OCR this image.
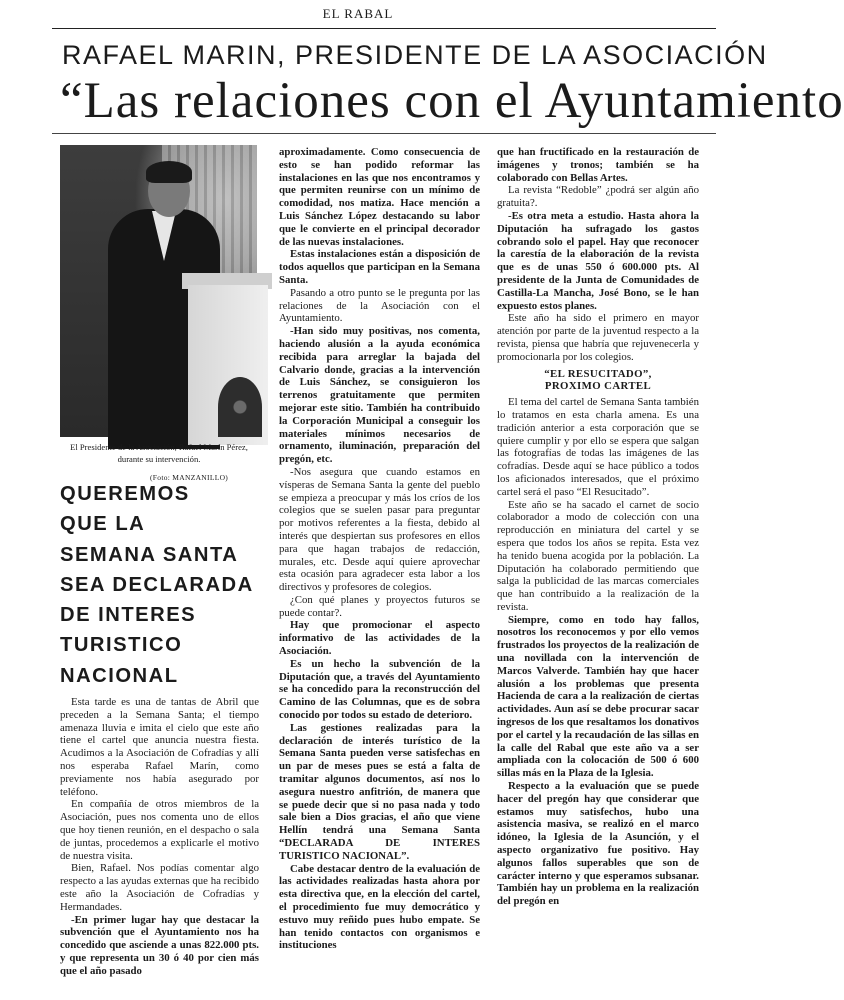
EL RABAL
RAFAEL MARIN, PRESIDENTE DE LA ASOCIACIÓN
“Las relaciones con el Ayuntamiento
El Presidente de la Asociación, Rafael Marín Pérez, durante su intervención.
(Foto: MANZANILLO)
QUEREMOS
QUE LA
SEMANA SANTA
SEA DECLARADA
DE INTERES
TURISTICO
NACIONAL

Esta tarde es una de tantas de Abril que preceden a la Semana Santa; el tiempo amenaza lluvia e imita el cielo que este año tiene el cartel que anuncia nuestra fiesta. Acudimos a la Asociación de Cofradías y allí nos esperaba Rafael Marín, como previamente nos había asegurado por teléfono.

En compañía de otros miembros de la Asociación, pues nos comenta uno de ellos que hoy tienen reunión, en el despacho o sala de juntas, procedemos a explicarle el motivo de nuestra visita.

Bien, Rafael. Nos podías comentar algo respecto a las ayudas externas que ha recibido este año la Asociación de Cofradías y Hermandades.

-En primer lugar hay que destacar la subvención que el Ayuntamiento nos ha concedido que asciende a unas 822.000 pts. y que representa un 30 ó 40 por cien más que el año pasado

aproximadamente. Como consecuencia de esto se han podido reformar las instalaciones en las que nos encontramos y que permiten reunirse con un mínimo de comodidad, nos matiza. Hace mención a Luis Sánchez López destacando su labor que le convierte en el principal decorador de las nuevas instalaciones.

Estas instalaciones están a disposición de todos aquellos que participan en la Semana Santa.

Pasando a otro punto se le pregunta por las relaciones de la Asociación con el Ayuntamiento.

-Han sido muy positivas, nos comenta, haciendo alusión a la ayuda económica recibida para arreglar la bajada del Calvario donde, gracias a la intervención de Luis Sánchez, se consiguieron los terrenos gratuitamente que permiten mejorar este sitio. También ha contribuido la Corporación Municipal a conseguir los materiales mínimos necesarios de ornamento, iluminación, preparación del pregón, etc.

-Nos asegura que cuando estamos en vísperas de Semana Santa la gente del pueblo se empieza a preocupar y más los críos de los colegios que se suelen pasar para preguntar por motivos referentes a la fiesta, debido al interés que despiertan sus profesores en ellos para que hagan trabajos de redacción, murales, etc. Desde aquí quiere aprovechar esta ocasión para agradecer esta labor a los directivos y profesores de colegios.

¿Con qué planes y proyectos futuros se puede contar?.

Hay que promocionar el aspecto informativo de las actividades de la Asociación.

Es un hecho la subvención de la Diputación que, a través del Ayuntamiento se ha concedido para la reconstrucción del Camino de las Columnas, que es de sobra conocido por todos su estado de deterioro.

Las gestiones realizadas para la declaración de interés turístico de la Semana Santa pueden verse satisfechas en un par de meses pues se está a falta de tramitar algunos documentos, así nos lo asegura nuestro anfitrión, de manera que se puede decir que si no pasa nada y todo sale bien a Dios gracias, el año que viene Hellín tendrá una Semana Santa “DECLARADA DE INTERES TURISTICO NACIONAL”.

Cabe destacar dentro de la evaluación de las actividades realizadas hasta ahora por esta directiva que, en la elección del cartel, el procedimiento fue muy democrático y estuvo muy reñido pues hubo empate. Se han tenido contactos con organismos e instituciones

que han fructificado en la restauración de imágenes y tronos; también se ha colaborado con Bellas Artes.

La revista “Redoble” ¿podrá ser algún año gratuita?.

-Es otra meta a estudio. Hasta ahora la Diputación ha sufragado los gastos cobrando solo el papel. Hay que reconocer la carestía de la elaboración de la revista que es de unas 550 ó 600.000 pts. Al presidente de la Junta de Comunidades de Castilla-La Mancha, José Bono, se le han expuesto estos planes.

Este año ha sido el primero en mayor atención por parte de la juventud respecto a la revista, piensa que habría que rejuvenecerla y promocionarla por los colegios.

“EL RESUCITADO”,
PROXIMO CARTEL

El tema del cartel de Semana Santa también lo tratamos en esta charla amena. Es una tradición anterior a esta corporación que se quiere cumplir y por ello se espera que salgan las fotografías de todas las imágenes de las cofradías. Desde aquí se hace público a todos los aficionados interesados, que el próximo cartel será el paso “El Resucitado”.

Este año se ha sacado el carnet de socio colaborador a modo de colección con una reproducción en miniatura del cartel y se espera que todos los años se repita. Esta vez ha tenido buena acogida por la población. La Diputación ha colaborado permitiendo que salga la publicidad de las marcas comerciales que han contribuido a la realización de la revista.

Siempre, como en todo hay fallos, nosotros los reconocemos y por ello vemos frustrados los proyectos de la realización de una novillada con la intervención de Marcos Valverde. También hay que hacer alusión a los problemas que presenta Hacienda de cara a la realización de ciertas actividades. Aun así se debe procurar sacar ingresos de los que resaltamos los donativos por el cartel y la recaudación de las sillas en la calle del Rabal que este año va a ser ampliada con la colocación de 500 ó 600 sillas más en la Plaza de la Iglesia.

Respecto a la evaluación que se puede hacer del pregón hay que considerar que estamos muy satisfechos, hubo una asistencia masiva, se realizó en el marco idóneo, la Iglesia de la Asunción, y el aspecto organizativo fue positivo. Hay algunos fallos superables que son de carácter interno y que esperamos subsanar. También hay un problema en la realización del pregón en
